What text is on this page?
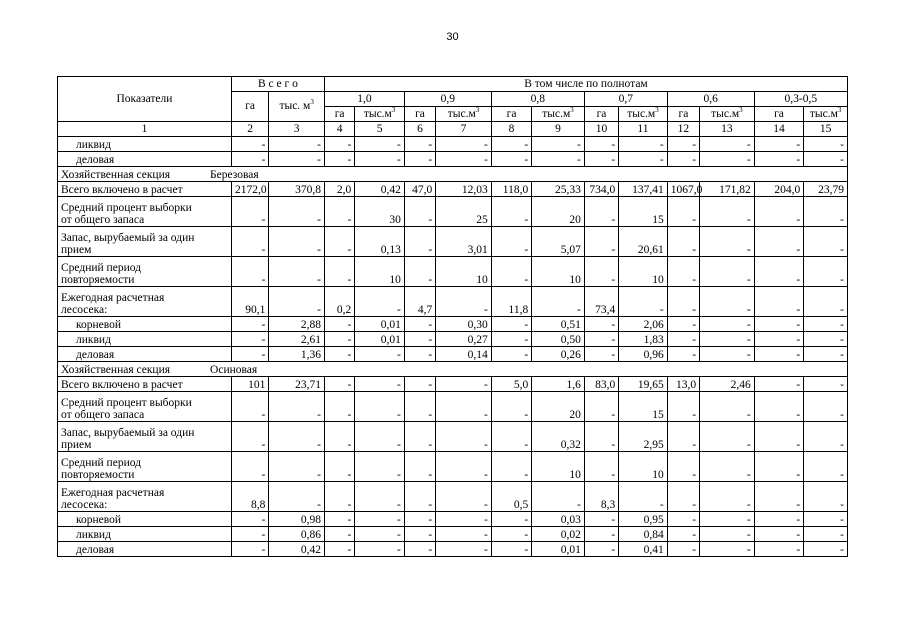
30
Показатели	В с е г о		В том числе по полнотам											
	га	тыс. $м^3$	1,0		0,9		0,8		0,7		0,6		0,3-0,5	
			га	$тыс.м^3$	га	$тыс.м^3$	га	$тыс.м^3$	га	$тыс.м^3$	га	$тыс.м^3$	га	$тыс.м^3$
1	2	3	4	5	6	7	8	9	10	11	12	13	14	15
ликвид	-	-	-	-	-	-	-	-	-	-	-	-	-	-
деловая	-	-	-	-	-	-	-	-	-	-	-	-	-	-
Хозяйственная секция Березовая														
Всего включено в расчет	2172,0	370,8	2,0	0,42	47,0	12,03	118,0	25,33	734,0	137,41	1067,0	171,82	204,0	23,79

Средний процент выборки
от общего запаса	-	-	-	30	-	25	-	20	-	15	-	-	-	-

Запас, вырубаемый за один
прием	-	-	-	0,13	-	3,01	-	5,07	-	20,61	-	-	-	-

Средний период
повторяемости	-	-	-	10	-	10	-	10	-	10	-	-	-	-

Ежегодная расчетная
лесосека:	90,1	-	0,2	-	4,7	-	11,8	-	73,4	-	-	-	-	-
корневой	-	2,88	-	0,01	-	0,30	-	0,51	-	2,06	-	-	-	-
ликвид	-	2,61	-	0,01	-	0,27	-	0,50	-	1,83	-	-	-	-
деловая	-	1,36	-	-	-	0,14	-	0,26	-	0,96	-	-	-	-
Хозяйственная секция Осиновая														
Всего включено в расчет	101	23,71	-	-	-	-	5,0	1,6	83,0	19,65	13,0	2,46	-	-

Средний процент выборки
от общего запаса	-	-	-	-	-	-	-	20	-	15	-	-	-	-

Запас, вырубаемый за один
прием	-	-	-	-	-	-	-	0,32	-	2,95	-	-	-	-

Средний период
повторяемости	-	-	-	-	-	-	-	10	-	10	-	-	-	-

Ежегодная расчетная
лесосека:	8,8	-	-	-	-	-	0,5	-	8,3	-	-	-	-	-
корневой	-	0,98	-	-	-	-	-	0,03	-	0,95	-	-	-	-
ликвид	-	0,86	-	-	-	-	-	0,02	-	0,84	-	-	-	-
деловая	-	0,42	-	-	-	-	-	0,01	-	0,41	-	-	-	-
